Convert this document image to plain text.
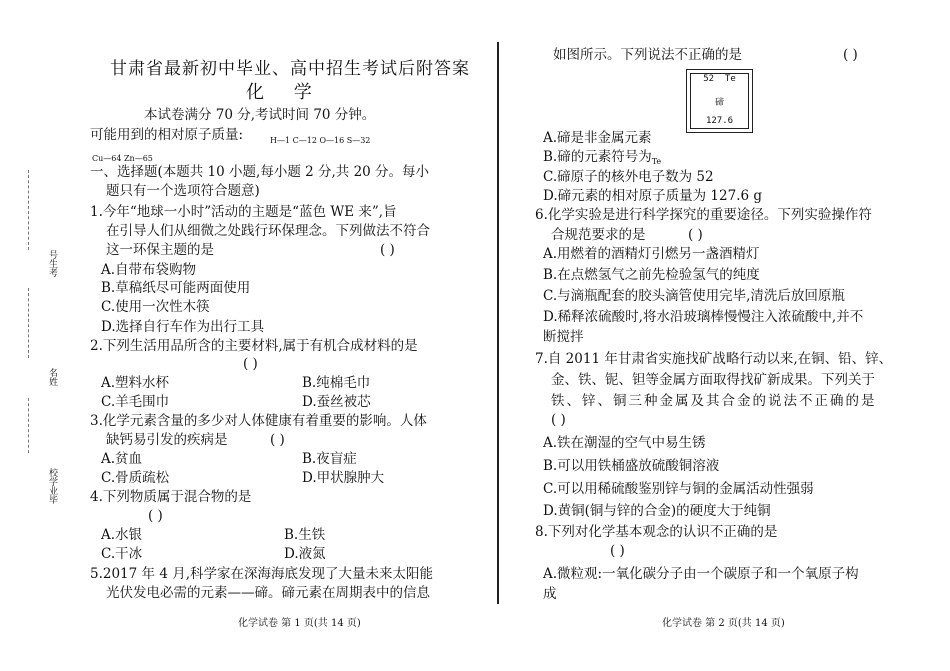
甘肃省最新初中毕业、高中招生考试后附答案
化 学
本试卷满分 70 分,考试时间 70 分钟。
可能用到的相对原子质量:	H—1 C—12 O—16 S—32
Cu—64 Zn—65
一、选择题(本题共 10 小题,每小题 2 分,共 20 分。每小
题只有一个选项符合题意)
1.今年“地球一小时”活动的主题是“蓝色 WE 来”,旨
在引导人们从细微之处践行环保理念。下列做法不符合
这一环保主题的是	( )
A.自带布袋购物
B.草稿纸尽可能两面使用
C.使用一次性木筷
D.选择自行车作为出行工具
2.下列生活用品所含的主要材料,属于有机合成材料的是
( )
A.塑料水杯	B.纯棉毛巾
C.羊毛围巾	D.蚕丝被芯
3.化学元素含量的多少对人体健康有着重要的影响。人体
缺钙易引发的疾病是	( )
A.贫血	B.夜盲症
C.骨质疏松	D.甲状腺肿大
4.下列物质属于混合物的是
( )
A.水银	B.生铁
C.干冰	D.液氮
5.2017 年 4 月,科学家在深海海底发现了大量未来太阳能
光伏发电必需的元素——碲。碲元素在周期表中的信息
化学试卷 第 1 页(共 14 页)
号生考
名姓
校学业毕
如图所示。下列说法不正确的是	( )
52 Te
碲
127.6
A.碲是非金属元素
B.碲的元素符号为$_{Te}$
C.碲原子的核外电子数为 52
D.碲元素的相对原子质量为 127.6 g
6.化学实验是进行科学探究的重要途径。下列实验操作符
合规范要求的是	( )
A.用燃着的酒精灯引燃另一盏酒精灯
B.在点燃氢气之前先检验氢气的纯度
C.与滴瓶配套的胶头滴管使用完毕,清洗后放回原瓶
D.稀释浓硫酸时,将水沿玻璃棒慢慢注入浓硫酸中,并不
断搅拌
7.自 2011 年甘肃省实施找矿战略行动以来,在铜、铅、锌、
金、铁、铌、钽等金属方面取得找矿新成果。下列关于
铁、锌、铜三种金属及其合金的说法不正确的是
( )
A.铁在潮湿的空气中易生锈
B.可以用铁桶盛放硫酸铜溶液
C.可以用稀硫酸鉴别锌与铜的金属活动性强弱
D.黄铜(铜与锌的合金)的硬度大于纯铜
8.下列对化学基本观念的认识不正确的是
( )
A.微粒观:一氧化碳分子由一个碳原子和一个氧原子构
成
化学试卷 第 2 页(共 14 页)
